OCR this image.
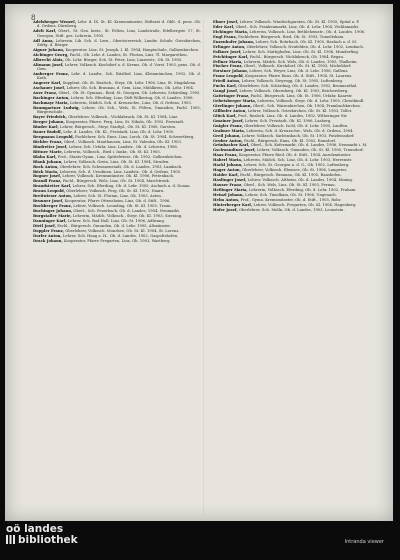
8
Adelsberger Wenzel, Lehr. d. IX. St. Kl. Kremsmünster, Stiftsrat d. Oblt. d. pens. Ob. d. Ordens, Dürnberg.
Adelt Karl, Oberl., St. Gen. kreis., St. Pölten, Linz, Landstraße, Edelbergstr. 17, St. Georgen, Stift. ges. Lehrerin, 1905.
Adl Anna, Lehrerin, Lib. Sch. d. Lern., Oberösterreich, Landw. Schule, Grieskirchen, Stiftg. d. Bürger.
Aigner Johann, Kooperator, Linz, St. Joseph, I. Kl. 1904, Hauptschule, Gallneukirchen.
Aichinger Georg, Fachl., Ob. Lehr. d. Landes, St. Florian, Linz, Tl. Margarethen.
Albrecht Alois, Ob. Lehr. Bürger, Sch. St. Peter, Linz, Linzerstr., Ob. St. 1905.
Altmann Josef, Lehrer, Volkssch. Kirchdorf a. d. Krems, Ob. d. Vorst. 1903, pens. Ob. d. Gem.
Amberger Franz, Lehr. d. Landw., Sch. Ritzlhof, Linz, Kleinmünchen, 1902, Ob. d. Kath.
Angerer Karl, Supplent, Ob. St. Realsch., Steyr, Ob. Lehr. 1906, Linz, St. Magdalena.
Aschauer Josef, Lehrer, Ob. Sch. Braunau, d. Gem. Linz, Mühlkreis, Ob. Lehr. 1904.
Auer Franz, Oberl., Ob. St. Gymnas., Ried, St. Georgen, Ob. Lehrerin, Schärding, 1905.
Bachinger Anton, Lehrer, Sch. Eferding, Linz, Stift Wilhering, Ob. d. Landes, 1906.
Bachmayr Maria, Lehrerin, Mädch. Sch. d. Kreuzschw., Linz, Ob. d. Ordens, 1903.
Baumgartner Ludwig, Lehrer, Ob. Sch., Wels, St. Pölten, Gmunden, Fachl. 1905, Bürgerschule.
Bayer Friedrich, Oberlehrer, Volkssch., Vöcklabruck, Ob. St. Kl. 1904, Linz.
Berger Johann, Kooperator, Pfarre, Perg, Linz, St. Nikola, Ob. 1902, Freistadt.
Binder Karl, Lehrer, Bürgersch., Steyr, Stadtpl., Ob. St. Kl. 1906, Garsten.
Bauer Rudolf, Lehr. d. Landes, Ob. Kl., Freistadt, Linz, Ob. d. Lehr. 1905.
Bergmann Leopold, Fachlehrer, Sch. Enns, Linz, Lorch, Ob. St. 1904, Schwertberg.
Bichler Franz, Oberl., Volkssch. Mauthausen, Linz, St. Valentin, Ob. Kl. 1903.
Bindreiter Josef, Lehrer, Sch. Urfahr, Linz, Landstr., Ob. d. Lehrerin, 1906.
Bittner Marie, Lehrerin, Volkssch., Ried i. Innkr., Ob. St. Kl. 1905.
Blaha Karl, Prof., Staats-Gymn., Linz, Spittelwiese, Ob. 1902, Gallneukirchen.
Blank Johann, Lehrer, Volkssch. Grein, Linz, Ob. St. Kl. 1904, Struden.
Bock Anton, Oberlehrer, Sch. Schwanenstadt, Ob. d. Landes, 1903, Lambach.
Böck Maria, Lehrerin, Sch. d. Ursulinen, Linz, Landstr., Ob. d. Ordens, 1905.
Bogner Josef, Lehrer, Volkssch. Kremsmünster, Ob. Kl. 1906, Pettenbach.
Brandl Franz, Fachl., Bürgersch. Wels, Linz, Ob. St. 1904, Marchtrenk.
Brandstetter Karl, Lehrer, Sch. Eferding, Ob. d. Lehr. 1905, Aschach a. d. Donau.
Braun Leopold, Oberlehrer, Volkssch. Perg, Ob. St. Kl. 1902, Naarn.
Breitwieser Anton, Lehrer, Sch. St. Florian, Linz, Ob. 1903, Asten.
Brunner Josef, Kooperator, Pfarre Ottensheim, Linz, Ob. d. Stift., 1906.
Buchberger Franz, Lehrer, Volkssch. Leonding, Ob. St. Kl. 1905, Traun.
Buchinger Johann, Oberl., Sch. Peuerbach, Ob. d. Landes, 1904, Neumarkt.
Burgstaller Marie, Lehrerin, Mädch. Volkssch., Steyr, Ob. Kl. 1903, Sierning.
Danninger Karl, Lehrer, Sch. Bad Hall, Linz, Ob. St. 1906, Adlwang.
Dietl Josef, Fachl., Bürgersch. Gmunden, Ob. d. Lehr. 1905, Altmünster.
Doppler Franz, Oberlehrer, Volkssch. Mondsee, Ob. St. Kl. 1904, St. Lorenz.
Dorfer Anton, Lehrer, Sch. Haag a. H., Ob. d. Landes, 1902, Gaspoltshofen.
Drack Johann, Kooperator, Pfarre Pregarten, Linz, Ob. 1903, Wartberg.
Ebner Josef, Lehrer, Volkssch. Windischgarsten, Ob. St. Kl. 1905, Spital a. P.
Eder Karl, Oberl., Sch. Frankenmarkt, Linz, Ob. d. Lehr. 1904, Vöcklamarkt.
Eichinger Maria, Lehrerin, Volkssch. Linz, Bethlehemstr., Ob. d. Landes, 1906.
Engl Franz, Fachlehrer, Bürgersch. Ried, Ob. St. 1903, Tumeltsham.
Enzenhofer Johann, Lehrer, Sch. Rohrbach, Ob. Kl. 1905, Haslach a. d. M.
Erlinger Anton, Oberlehrer, Volkssch. Neufelden, Ob. d. Lehr. 1902, Lembach.
Falkner Josef, Lehrer, Sch. Mattighofen, Linz, Ob. St. Kl. 1906, Munderfing.
Feichtinger Karl, Fachl., Bürgersch. Vöcklabruck, Ob. 1904, Regau.
Fellner Maria, Lehrerin, Mädch. Sch. Wels, Ob. d. Landes, 1905, Thalheim.
Fischer Franz, Oberl., Volkssch. Kirchdorf, Ob. St. Kl. 1903, Micheldorf.
Forstner Johann, Lehrer, Sch. Weyer, Linz, Ob. d. Lehr. 1906, Gaflenz.
Franz Leopold, Kooperator, Pfarre Enns, Ob. d. Stift., 1904, St. Laurenz.
Friedl Anton, Lehrer, Volkssch. Steyregg, Ob. St. 1905, Luftenberg.
Fuchs Karl, Oberlehrer, Sch. Schärding, Ob. d. Landes, 1902, Brunnenthal.
Gangl Josef, Lehrer, Volkssch. Obernberg, Ob. Kl. 1903, Reichersberg.
Gattringer Franz, Fachl., Bürgersch. Linz, Ob. St. 1906, Urfahr, Kaarstr.
Gebetsberger Maria, Lehrerin, Volkssch. Steyr, Ob. d. Lehr. 1905, Christkindl.
Gierlinger Johann, Oberl., Sch. Waizenkirchen, Ob. 1904, Prambachkirchen.
Gillhofer Anton, Lehrer, Volkssch. Grieskirchen, Ob. St. Kl. 1903, Tollet.
Glück Karl, Prof., Realsch. Linz, Ob. d. Landes, 1902, Wilheringer Str.
Gmainer Josef, Lehrer, Sch. Freistadt, Ob. Kl. 1906, Lasberg.
Gnigler Franz, Oberlehrer, Volkssch. Ischl, Ob. d. Lehr. 1905, Lauffen.
Grabner Maria, Lehrerin, Sch. d. Kreuzschw., Wels, Ob. d. Ordens, 1904.
Greil Johann, Lehrer, Volkssch. Sarleinsbach, Ob. St. 1903, Putzleinsdorf.
Gruber Anton, Fachl., Bürgersch. Enns, Ob. Kl. 1902, Ennsdorf.
Grünbacher Karl, Oberl., Sch. Kefermarkt, Ob. d. Landes, 1906, Neumarkt i. M.
Gschwandtner Josef, Lehrer, Volkssch. Gmunden, Ob. St. Kl. 1905, Traundorf.
Haas Franz, Kooperator, Pfarre Ried, Ob. d. Stift., 1904, Aurolzmünster.
Haberl Maria, Lehrerin, Mädch. Sch. Linz, Ob. d. Lehr. 1903, Herrenstr.
Hackl Johann, Lehrer, Sch. St. Georgen a. d. G., Ob. 1902, Luftenberg.
Hager Anton, Oberlehrer, Volkssch. Ebensee, Ob. St. 1906, Langwies.
Haider Karl, Fachl., Bürgersch. Braunau, Ob. Kl. 1905, Ranshofen.
Haslinger Josef, Lehrer, Volkssch. Altheim, Ob. d. Landes, 1904, Mining.
Hauser Franz, Oberl., Sch. Wels, Linz, Ob. St. Kl. 1903, Pernau.
Heilinger Maria, Lehrerin, Volkssch. Eferding, Ob. d. Lehr. 1902, Fraham.
Heinzl Johann, Lehrer, Sch. Timelkam, Ob. St. 1906, Ungenach.
Helm Anton, Prof., Gymn. Kremsmünster, Ob. d. Stift., 1905, Rohr.
Hinterberger Karl, Lehrer, Volkssch. Pregarten, Ob. Kl. 1904, Hagenberg.
Hofer Josef, Oberlehrer, Sch. Molln, Ob. d. Landes, 1903, Leonstein.
oö landes
bibliothek	Intranda viewer
